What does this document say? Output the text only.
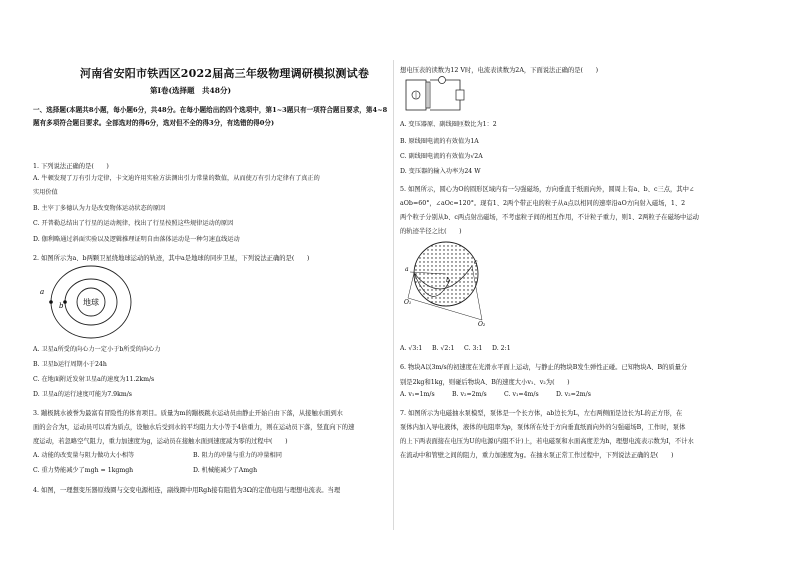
河南省安阳市铁西区2022届高三年级物理调研模拟测试卷
第Ⅰ卷(选择题　共48分)
一、选择题(本题共8小题，每小题6分，共48分。在每小题给出的四个选项中，第1~3题只有一项符合题目要求，第4~8题有多项符合题目要求。全部选对的得6分，选对但不全的得3分，有选错的得0分)
1. 下列说法正确的是(　　)
A. 牛顿发现了万有引力定律，卡文迪许用实验方法测出引力常量的数值，从而使万有引力定律有了真正的
实用价值
B. 主宰丁多德认为力是改变物体运动状态的原因
C. 开普勒总结出了行星的运动规律，找出了行星按照这些规律运动的原因
D. 伽利略通过斜面实验以及逻辑推理证明自由落体运动是一种匀速直线运动
2. 如图所示为a、b两颗卫星绕地球运动的轨迹，其中a是地球的同步卫星，下列说法正确的是(　　)
地球
a
b
A. 卫星a所受的向心力一定小于b所受的向心力
B. 卫星b运行周期小于24h
C. 在地面附近发射卫星a的速度为11.2km/s
D. 卫星a的运行速度可能为7.9km/s
3. 蹦极跳水被誉为最富有冒险性的体育项目。质量为m的蹦极跳水运动员由静止开始自由下落，从接触水面到水
面的会合为t，运动员可以看为质点，设触水后受到水的平均阻力大小等于4倍重力，则在运动员下落，竖直向下的速
度运动，若忽略空气阻力，重力加速度为g，运动员在接触水面到速度减为零的过程中(　　)
A. 动能的改变量与阻力做功大小相等	B. 阻力的冲量与重力的冲量相同
C. 重力势能减少了mgh = 1kgmgh	D. 机械能减少了Amgh
4. 如图，一理想变压器原线圈与交变电源相连，副线圈中用Rgh接有阻值为3Ω的定值电阻与理想电流表。当理
想电压表的读数为12 V时，电流表读数为2A，下面说法正确的是(　　)
A. 变压器原、副线圈匝数比为1：2
B. 原线圈电流的有效值为1A
C. 副线圈电流的有效值为√2A
D. 变压器的输入功率为24 W
5. 如图所示，圆心为O的圆形区域内有一匀强磁场，方向垂直于纸面向外，圆周上有a、b、c三点，其中∠
aOb=60°，∠aOc=120°。现有1、2两个带正电的粒子从a点以相同的速率沿aO方向射入磁场，1、2
两个粒子分别从b、c两点射出磁场，不考虑粒子间的相互作用，不计粒子重力，则1、2两粒子在磁场中运动
的轨迹半径之比(　　)
O₁
O₂
a
c
b
A. √3:1 B. √2:1 C. 3:1 D. 2:1
6. 物块A以3m/s的初速度在光滑水平面上运动，与静止的物块B发生弹性正碰。已知物块A、B的质量分
别是2kg和1kg，则碰后物块A、B的速度大小v₁、v₂为(　　)
A. v₁=1m/s	B. v₂=2m/s	C. v₁=4m/s	D. v₂=2m/s
7. 如图所示为电磁抽水泵模型，泵体是一个长方体，ab边长为L，左右两侧面是边长为L的正方形，在
泵体内加入导电液体，液体的电阻率为ρ，泵体所在处于方向垂直纸面向外的匀强磁场B，工作时，泵体
的上下两表面接在电压为U的电源(内阻不计)上，若电磁泵和水面高度差为h，理想电流表示数为I，不计水
在流动中和管壁之间的阻力，重力加速度为g。在抽水泵正常工作过程中，下列说法正确的是(　　)
